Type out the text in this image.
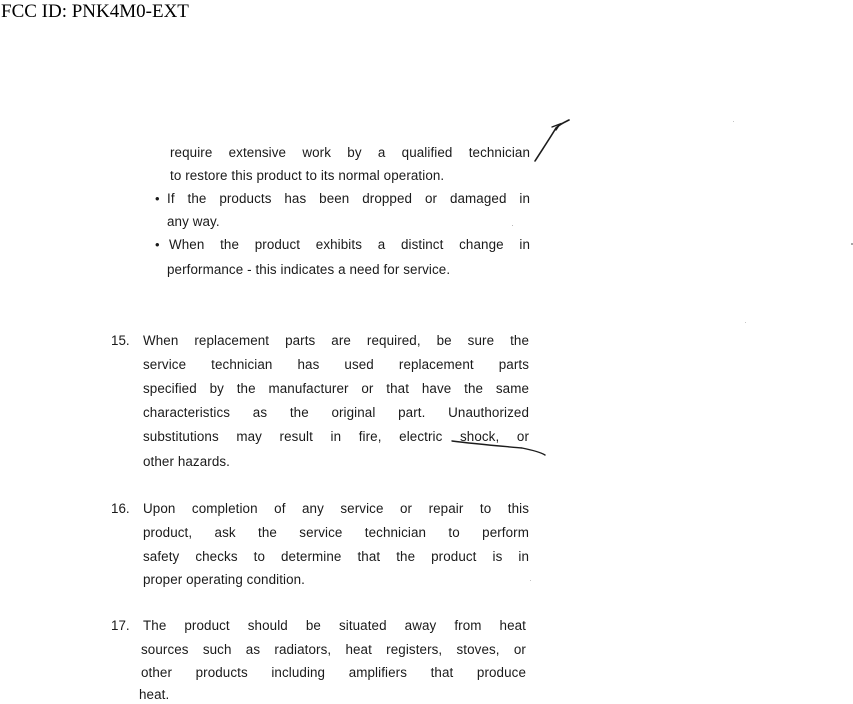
FCC ID: PNK4M0-EXT
require extensive work by a qualified technician
to restore this product to its normal operation.
• If the products has been dropped or damaged in
any way.
• When the product exhibits a distinct change in
performance - this indicates a need for service.
15. When replacement parts are required, be sure the
service technician has used replacement parts
specified by the manufacturer or that have the same
characteristics as the original part. Unauthorized
substitutions may result in fire, electric shock, or
other hazards.
16. Upon completion of any service or repair to this
product, ask the service technician to perform
safety checks to determine that the product is in
proper operating condition.
17. The product should be situated away from heat
sources such as radiators, heat registers, stoves, or
other products including amplifiers that produce
heat.
